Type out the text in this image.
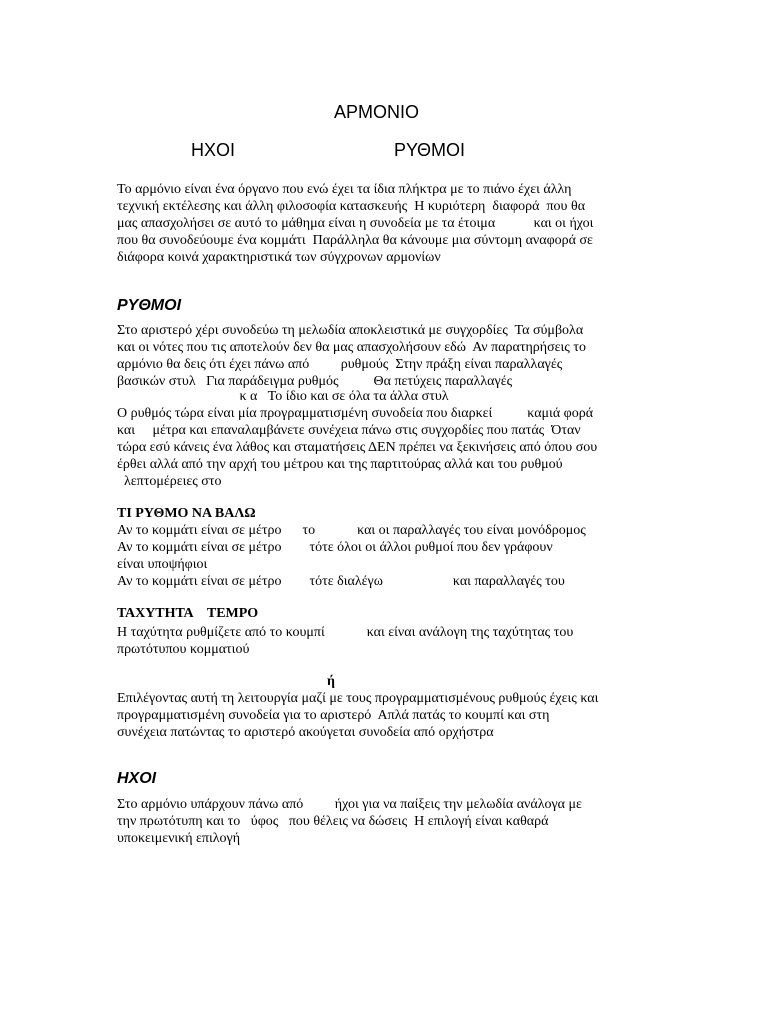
ΑΡΜΟΝΙΟ
ΗΧΟΙ	ΡΥΘΜΟΙ
Το αρμόνιο είναι ένα όργανο που ενώ έχει τα ίδια πλήκτρα με το πιάνο έχει άλλη
τεχνική εκτέλεσης και άλλη φιλοσοφία κατασκευής  Η κυριότερη  διαφορά  που θα
μας απασχολήσει σε αυτό το μάθημα είναι η συνοδεία με τα έτοιμα           και οι ήχοι
που θα συνοδεύουμε ένα κομμάτι  Παράλληλα θα κάνουμε μια σύντομη αναφορά σε
διάφορα κοινά χαρακτηριστικά των σύγχρονων αρμονίων
ΡΥΘΜΟΙ
Στο αριστερό χέρι συνοδεύω τη μελωδία αποκλειστικά με συγχορδίες  Τα σύμβολα
και οι νότες που τις αποτελούν δεν θα μας απασχολήσουν εδώ  Αν παρατηρήσεις το
αρμόνιο θα δεις ότι έχει πάνω από         ρυθμούς  Στην πράξη είναι παραλλαγές
βασικών στυλ   Για παράδειγμα ρυθμός          Θα πετύχεις παραλλαγές
κ α   Το ίδιο και σε όλα τα άλλα στυλ
Ο ρυθμός τώρα είναι μία προγραμματισμένη συνοδεία που διαρκεί          καμιά φορά
και     μέτρα και επαναλαμβάνετε συνέχεια πάνω στις συγχορδίες που πατάς  Όταν
τώρα εσύ κάνεις ένα λάθος και σταματήσεις ΔΕΝ πρέπει να ξεκινήσεις από όπου σου
έρθει αλλά από την αρχή του μέτρου και της παρτιτούρας αλλά και του ρυθμού
λεπτομέρειες στο
ΤΙ ΡΥΘΜΟ ΝΑ ΒΑΛΩ
Αν το κομμάτι είναι σε μέτρο      το            και οι παραλλαγές του είναι μονόδρομος
Αν το κομμάτι είναι σε μέτρο        τότε όλοι οι άλλοι ρυθμοί που δεν γράφουν
είναι υποψήφιοι
Αν το κομμάτι είναι σε μέτρο        τότε διαλέγω                    και παραλλαγές του
ΤΑΧΥΤΗΤΑ    TEMPO
Η ταχύτητα ρυθμίζετε από το κουμπί            και είναι ανάλογη της ταχύτητας του
πρωτότυπου κομματιού
ή
Επιλέγοντας αυτή τη λειτουργία μαζί με τους προγραμματισμένους ρυθμούς έχεις και
προγραμματισμένη συνοδεία για το αριστερό  Απλά πατάς το κουμπί και στη
συνέχεια πατώντας το αριστερό ακούγεται συνοδεία από ορχήστρα
ΗΧΟΙ
Στο αρμόνιο υπάρχουν πάνω από         ήχοι για να παίξεις την μελωδία ανάλογα με
την πρωτότυπη και το   ύφος   που θέλεις να δώσεις  Η επιλογή είναι καθαρά
υποκειμενική επιλογή
